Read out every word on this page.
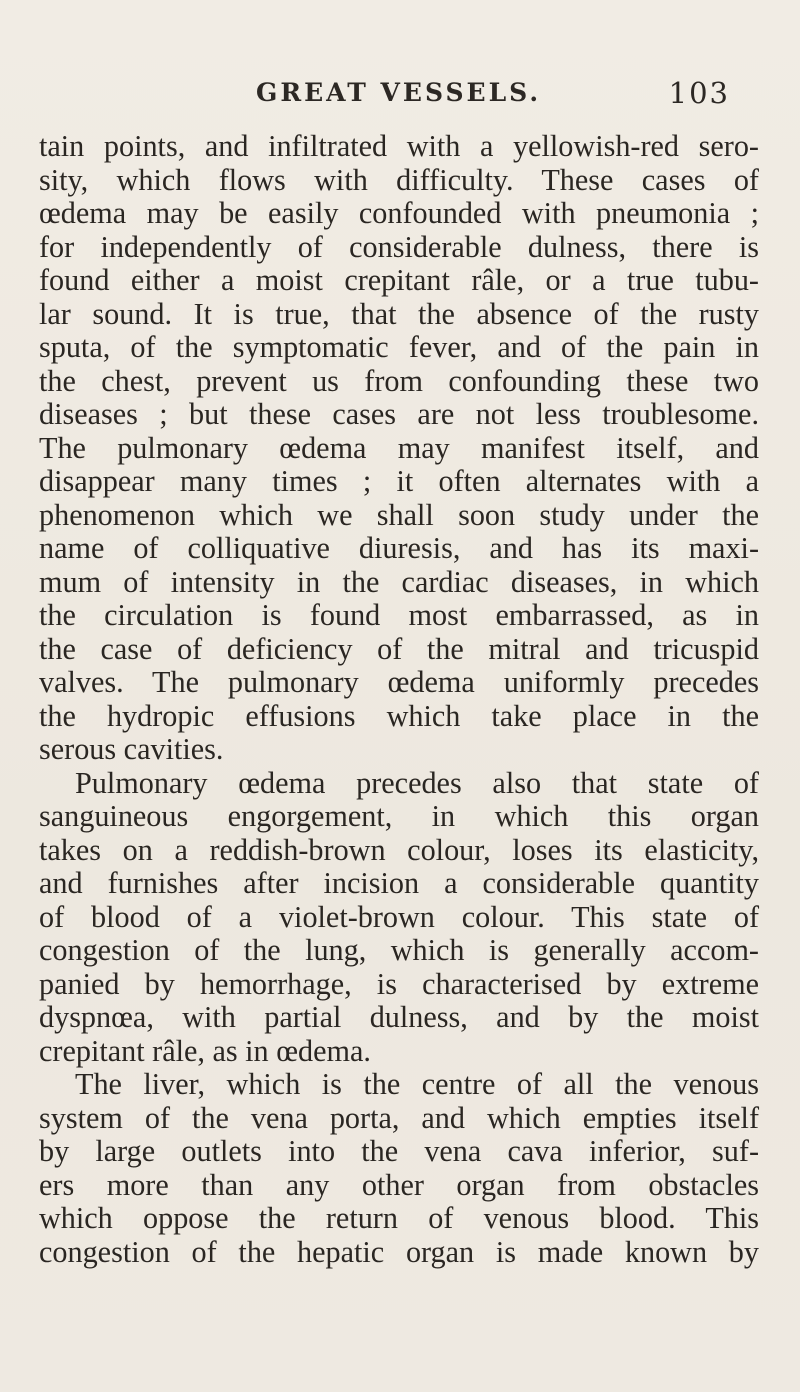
GREAT VESSELS.	103

tain points, and infiltrated with a yellowish-red sero-
sity, which flows with difficulty. These cases of
œdema may be easily confounded with pneumonia ;
for independently of considerable dulness, there is
found either a moist crepitant râle, or a true tubu-
lar sound. It is true, that the absence of the rusty
sputa, of the symptomatic fever, and of the pain in
the chest, prevent us from confounding these two
diseases ; but these cases are not less troublesome.
The pulmonary œdema may manifest itself, and
disappear many times ; it often alternates with a
phenomenon which we shall soon study under the
name of colliquative diuresis, and has its maxi-
mum of intensity in the cardiac diseases, in which
the circulation is found most embarrassed, as in
the case of deficiency of the mitral and tricuspid
valves. The pulmonary œdema uniformly precedes
the hydropic effusions which take place in the
serous cavities.

Pulmonary œdema precedes also that state of
sanguineous engorgement, in which this organ
takes on a reddish-brown colour, loses its elasticity,
and furnishes after incision a considerable quantity
of blood of a violet-brown colour. This state of
congestion of the lung, which is generally accom-
panied by hemorrhage, is characterised by extreme
dyspnœa, with partial dulness, and by the moist
crepitant râle, as in œdema.

The liver, which is the centre of all the venous
system of the vena porta, and which empties itself
by large outlets into the vena cava inferior, suf-
ers more than any other organ from obstacles
which oppose the return of venous blood. This
congestion of the hepatic organ is made known by
